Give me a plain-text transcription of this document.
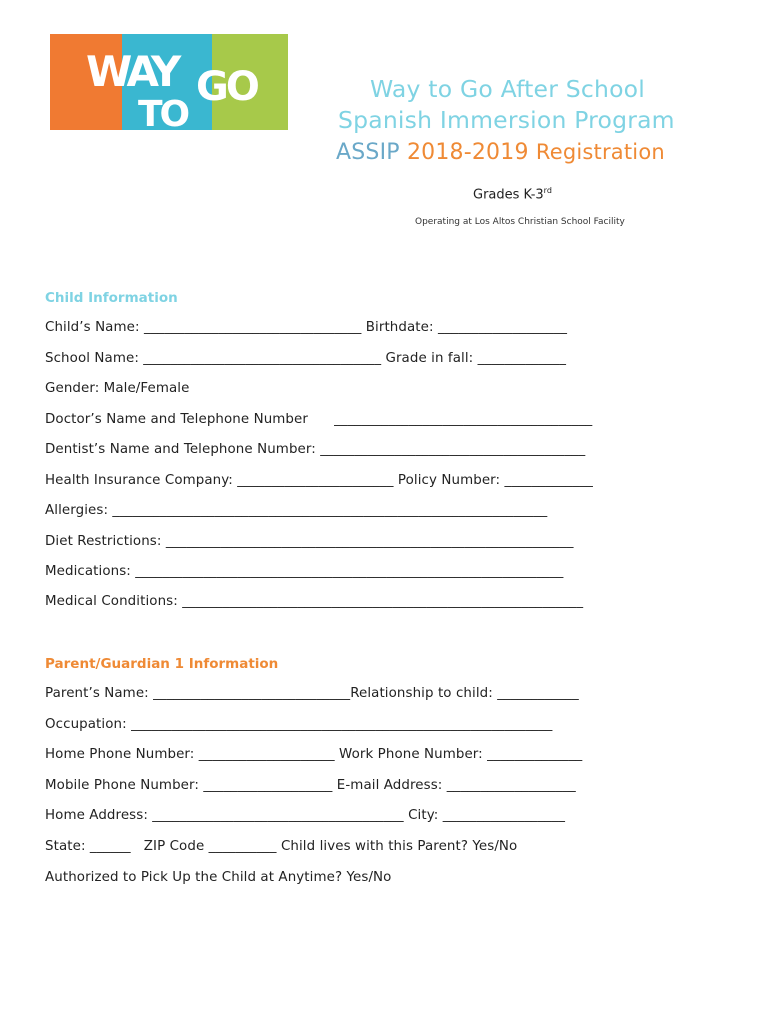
WAY
TO
GO	Way to Go After School
Spanish Immersion Program
ASSIP 2018-2019 Registration
Grades K-3rd
Operating at Los Altos Christian School Facility
Child Information
Child’s Name: ________________________________ Birthdate: ___________________
School Name: ___________________________________ Grade in fall: _____________
Gender: Male/Female
Doctor’s Name and Telephone Number      ______________________________________
Dentist’s Name and Telephone Number: _______________________________________
Health Insurance Company: _______________________ Policy Number: _____________
Allergies: ________________________________________________________________
Diet Restrictions: ____________________________________________________________
Medications: _______________________________________________________________
Medical Conditions: ___________________________________________________________
Parent/Guardian 1 Information
Parent’s Name: _____________________________Relationship to child: ____________
Occupation: ______________________________________________________________
Home Phone Number: ____________________ Work Phone Number: ______________
Mobile Phone Number: ___________________ E-mail Address: ___________________
Home Address: _____________________________________ City: __________________
State: ______   ZIP Code __________ Child lives with this Parent? Yes/No
Authorized to Pick Up the Child at Anytime? Yes/No
